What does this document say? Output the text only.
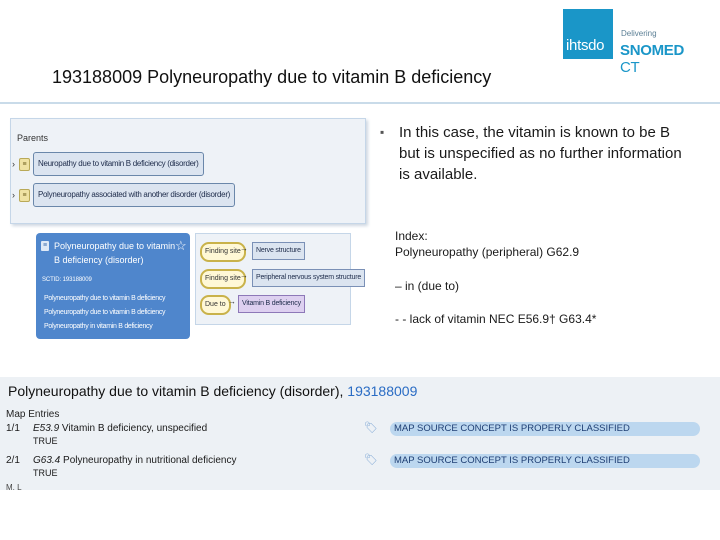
ihtsdo
Delivering
SNOMED CT
193188009 Polyneuropathy due to vitamin B deficiency
Parents
›	≡	Neuropathy due to vitamin B deficiency (disorder)
›	≡	Polyneuropathy associated with another disorder (disorder)
≡ Polyneuropathy due to vitamin B deficiency (disorder)
☆
SCTID: 193188009
Polyneuropathy due to vitamin B deficiency
Polyneuropathy due to vitamin B deficiency
Polyneuropathy in vitamin B deficiency
Finding site →	Nerve structure
Finding site →	Peripheral nervous system structure
Due to → Vitamin B deficiency
▪ In this case, the vitamin is known to be B but is unspecified as no further information is available.
Index:
Polyneuropathy (peripheral) G62.9
– in (due to)
- - lack of vitamin NEC E56.9† G63.4*
Polyneuropathy due to vitamin B deficiency (disorder), 193188009
Map Entries
1/1 E53.9 Vitamin B deficiency, unspecified
TRUE
🏷	MAP SOURCE CONCEPT IS PROPERLY CLASSIFIED
2/1 G63.4 Polyneuropathy in nutritional deficiency
TRUE
🏷	MAP SOURCE CONCEPT IS PROPERLY CLASSIFIED
M. L
